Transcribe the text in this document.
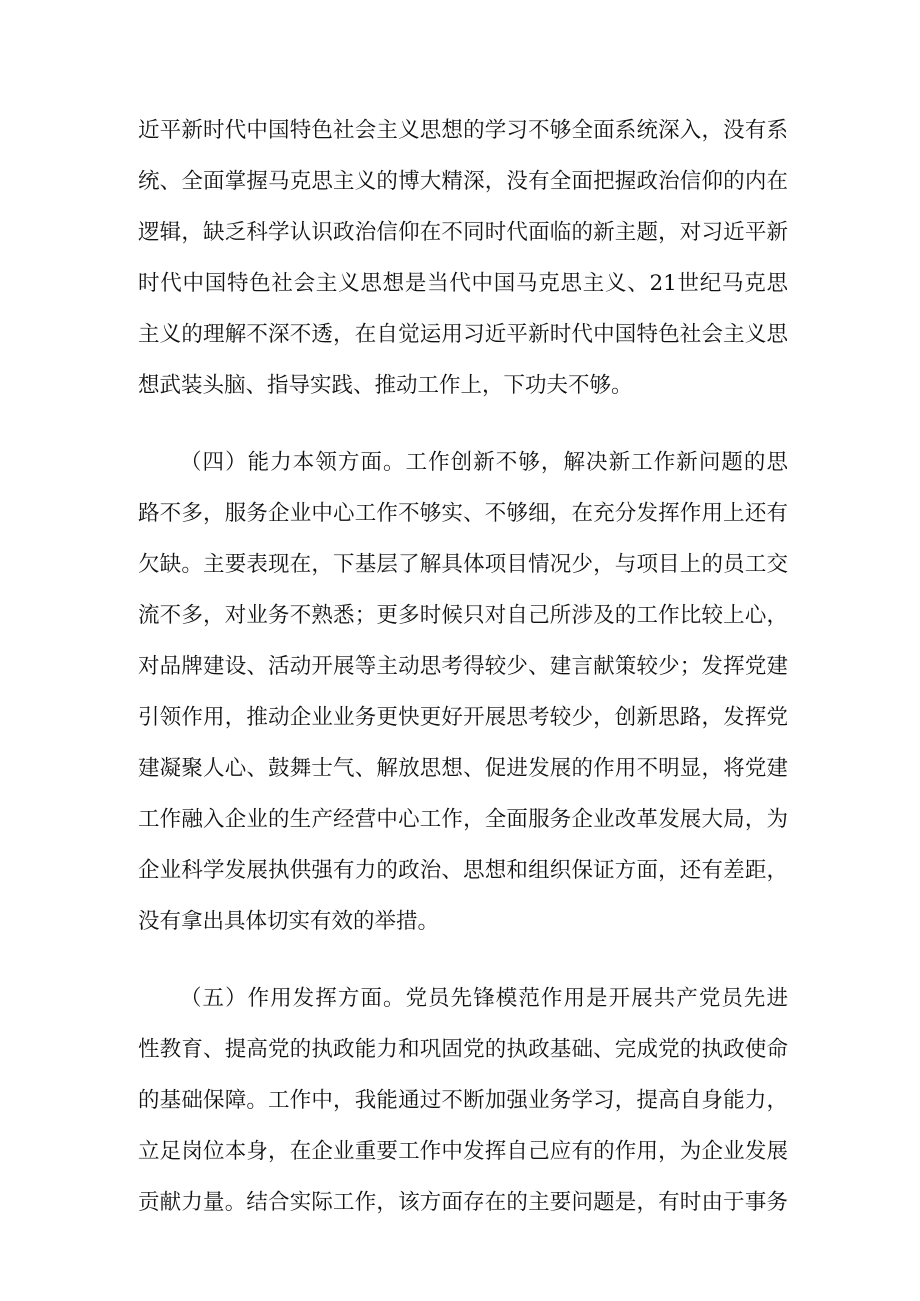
近平新时代中国特色社会主义思想的学习不够全面系统深入，没有系
统、全面掌握马克思主义的博大精深，没有全面把握政治信仰的内在
逻辑，缺乏科学认识政治信仰在不同时代面临的新主题，对习近平新
时代中国特色社会主义思想是当代中国马克思主义、21世纪马克思
主义的理解不深不透，在自觉运用习近平新时代中国特色社会主义思
想武装头脑、指导实践、推动工作上，下功夫不够。
（四）能力本领方面。工作创新不够，解决新工作新问题的思
路不多，服务企业中心工作不够实、不够细，在充分发挥作用上还有
欠缺。主要表现在，下基层了解具体项目情况少，与项目上的员工交
流不多，对业务不熟悉；更多时候只对自己所涉及的工作比较上心，
对品牌建设、活动开展等主动思考得较少、建言献策较少；发挥党建
引领作用，推动企业业务更快更好开展思考较少，创新思路，发挥党
建凝聚人心、鼓舞士气、解放思想、促进发展的作用不明显，将党建
工作融入企业的生产经营中心工作，全面服务企业改革发展大局，为
企业科学发展执供强有力的政治、思想和组织保证方面，还有差距，
没有拿出具体切实有效的举措。
（五）作用发挥方面。党员先锋模范作用是开展共产党员先进
性教育、提高党的执政能力和巩固党的执政基础、完成党的执政使命
的基础保障。工作中，我能通过不断加强业务学习，提高自身能力，
立足岗位本身，在企业重要工作中发挥自己应有的作用，为企业发展
贡献力量。结合实际工作，该方面存在的主要问题是，有时由于事务
